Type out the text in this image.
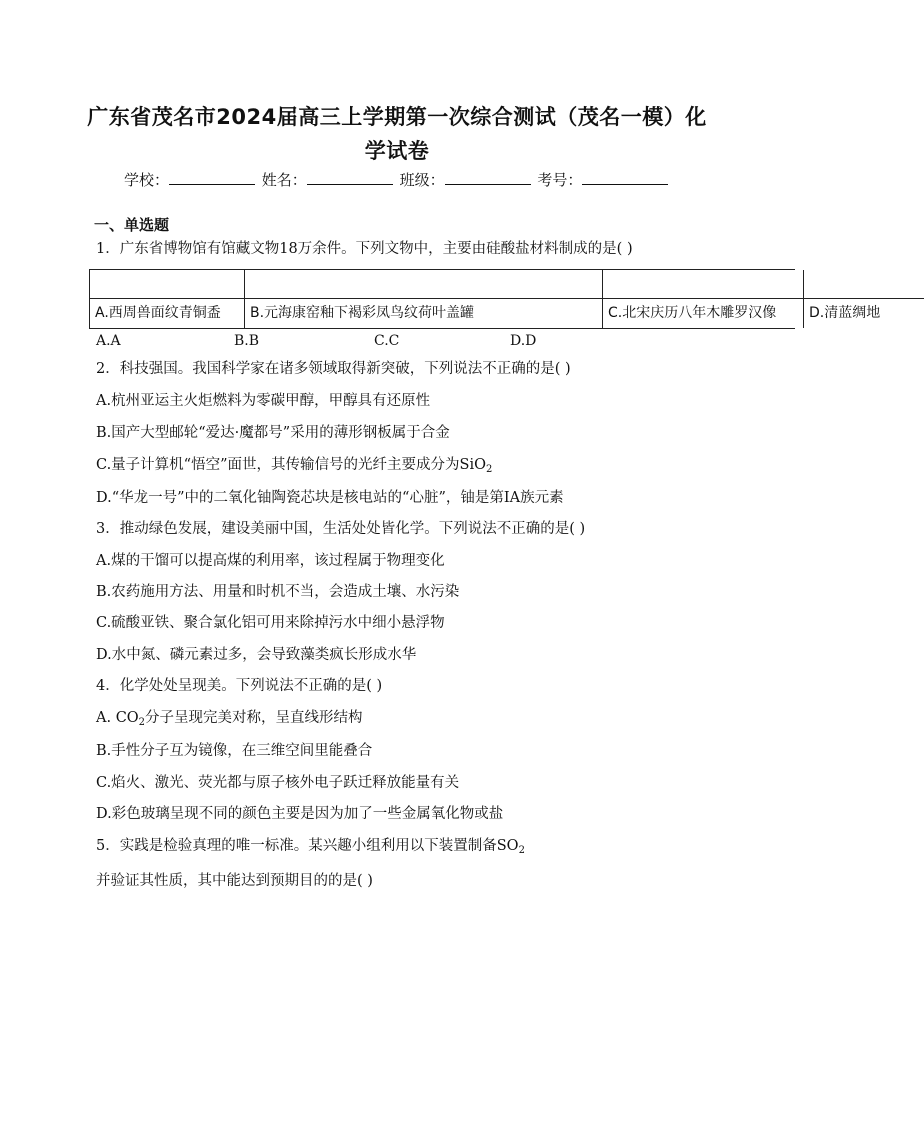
广东省茂名市2024届高三上学期第一次综合测试（茂名一模）化学试卷
学校：	姓名：	班级：	考号：
一、单选题
1．广东省博物馆有馆藏文物18万余件。下列文物中，主要由硅酸盐材料制成的是( )
A.西周兽面纹青铜盉	B.元海康窑釉下褐彩凤鸟纹荷叶盖罐	C.北宋庆历八年木雕罗汉像	D.清蓝绸地
A.A	B.B	C.C	D.D
2．科技强国。我国科学家在诸多领域取得新突破，下列说法不正确的是( )
A.杭州亚运主火炬燃料为零碳甲醇，甲醇具有还原性
B.国产大型邮轮“爱达·魔都号”采用的薄形钢板属于合金
C.量子计算机“悟空”面世，其传输信号的光纤主要成分为SiO$_2$
D.“华龙一号”中的二氧化铀陶瓷芯块是核电站的“心脏”，铀是第ⅠA族元素
3．推动绿色发展，建设美丽中国，生活处处皆化学。下列说法不正确的是( )
A.煤的干馏可以提高煤的利用率，该过程属于物理变化
B.农药施用方法、用量和时机不当，会造成土壤、水污染
C.硫酸亚铁、聚合氯化铝可用来除掉污水中细小悬浮物
D.水中氮、磷元素过多，会导致藻类疯长形成水华
4．化学处处呈现美。下列说法不正确的是( )
A. $CO_2$分子呈现完美对称，呈直线形结构
B.手性分子互为镜像，在三维空间里能叠合
C.焰火、激光、荧光都与原子核外电子跃迁释放能量有关
D.彩色玻璃呈现不同的颜色主要是因为加了一些金属氧化物或盐
5．实践是检验真理的唯一标准。某兴趣小组利用以下装置制备$SO_2$
并验证其性质，其中能达到预期目的的是( )
